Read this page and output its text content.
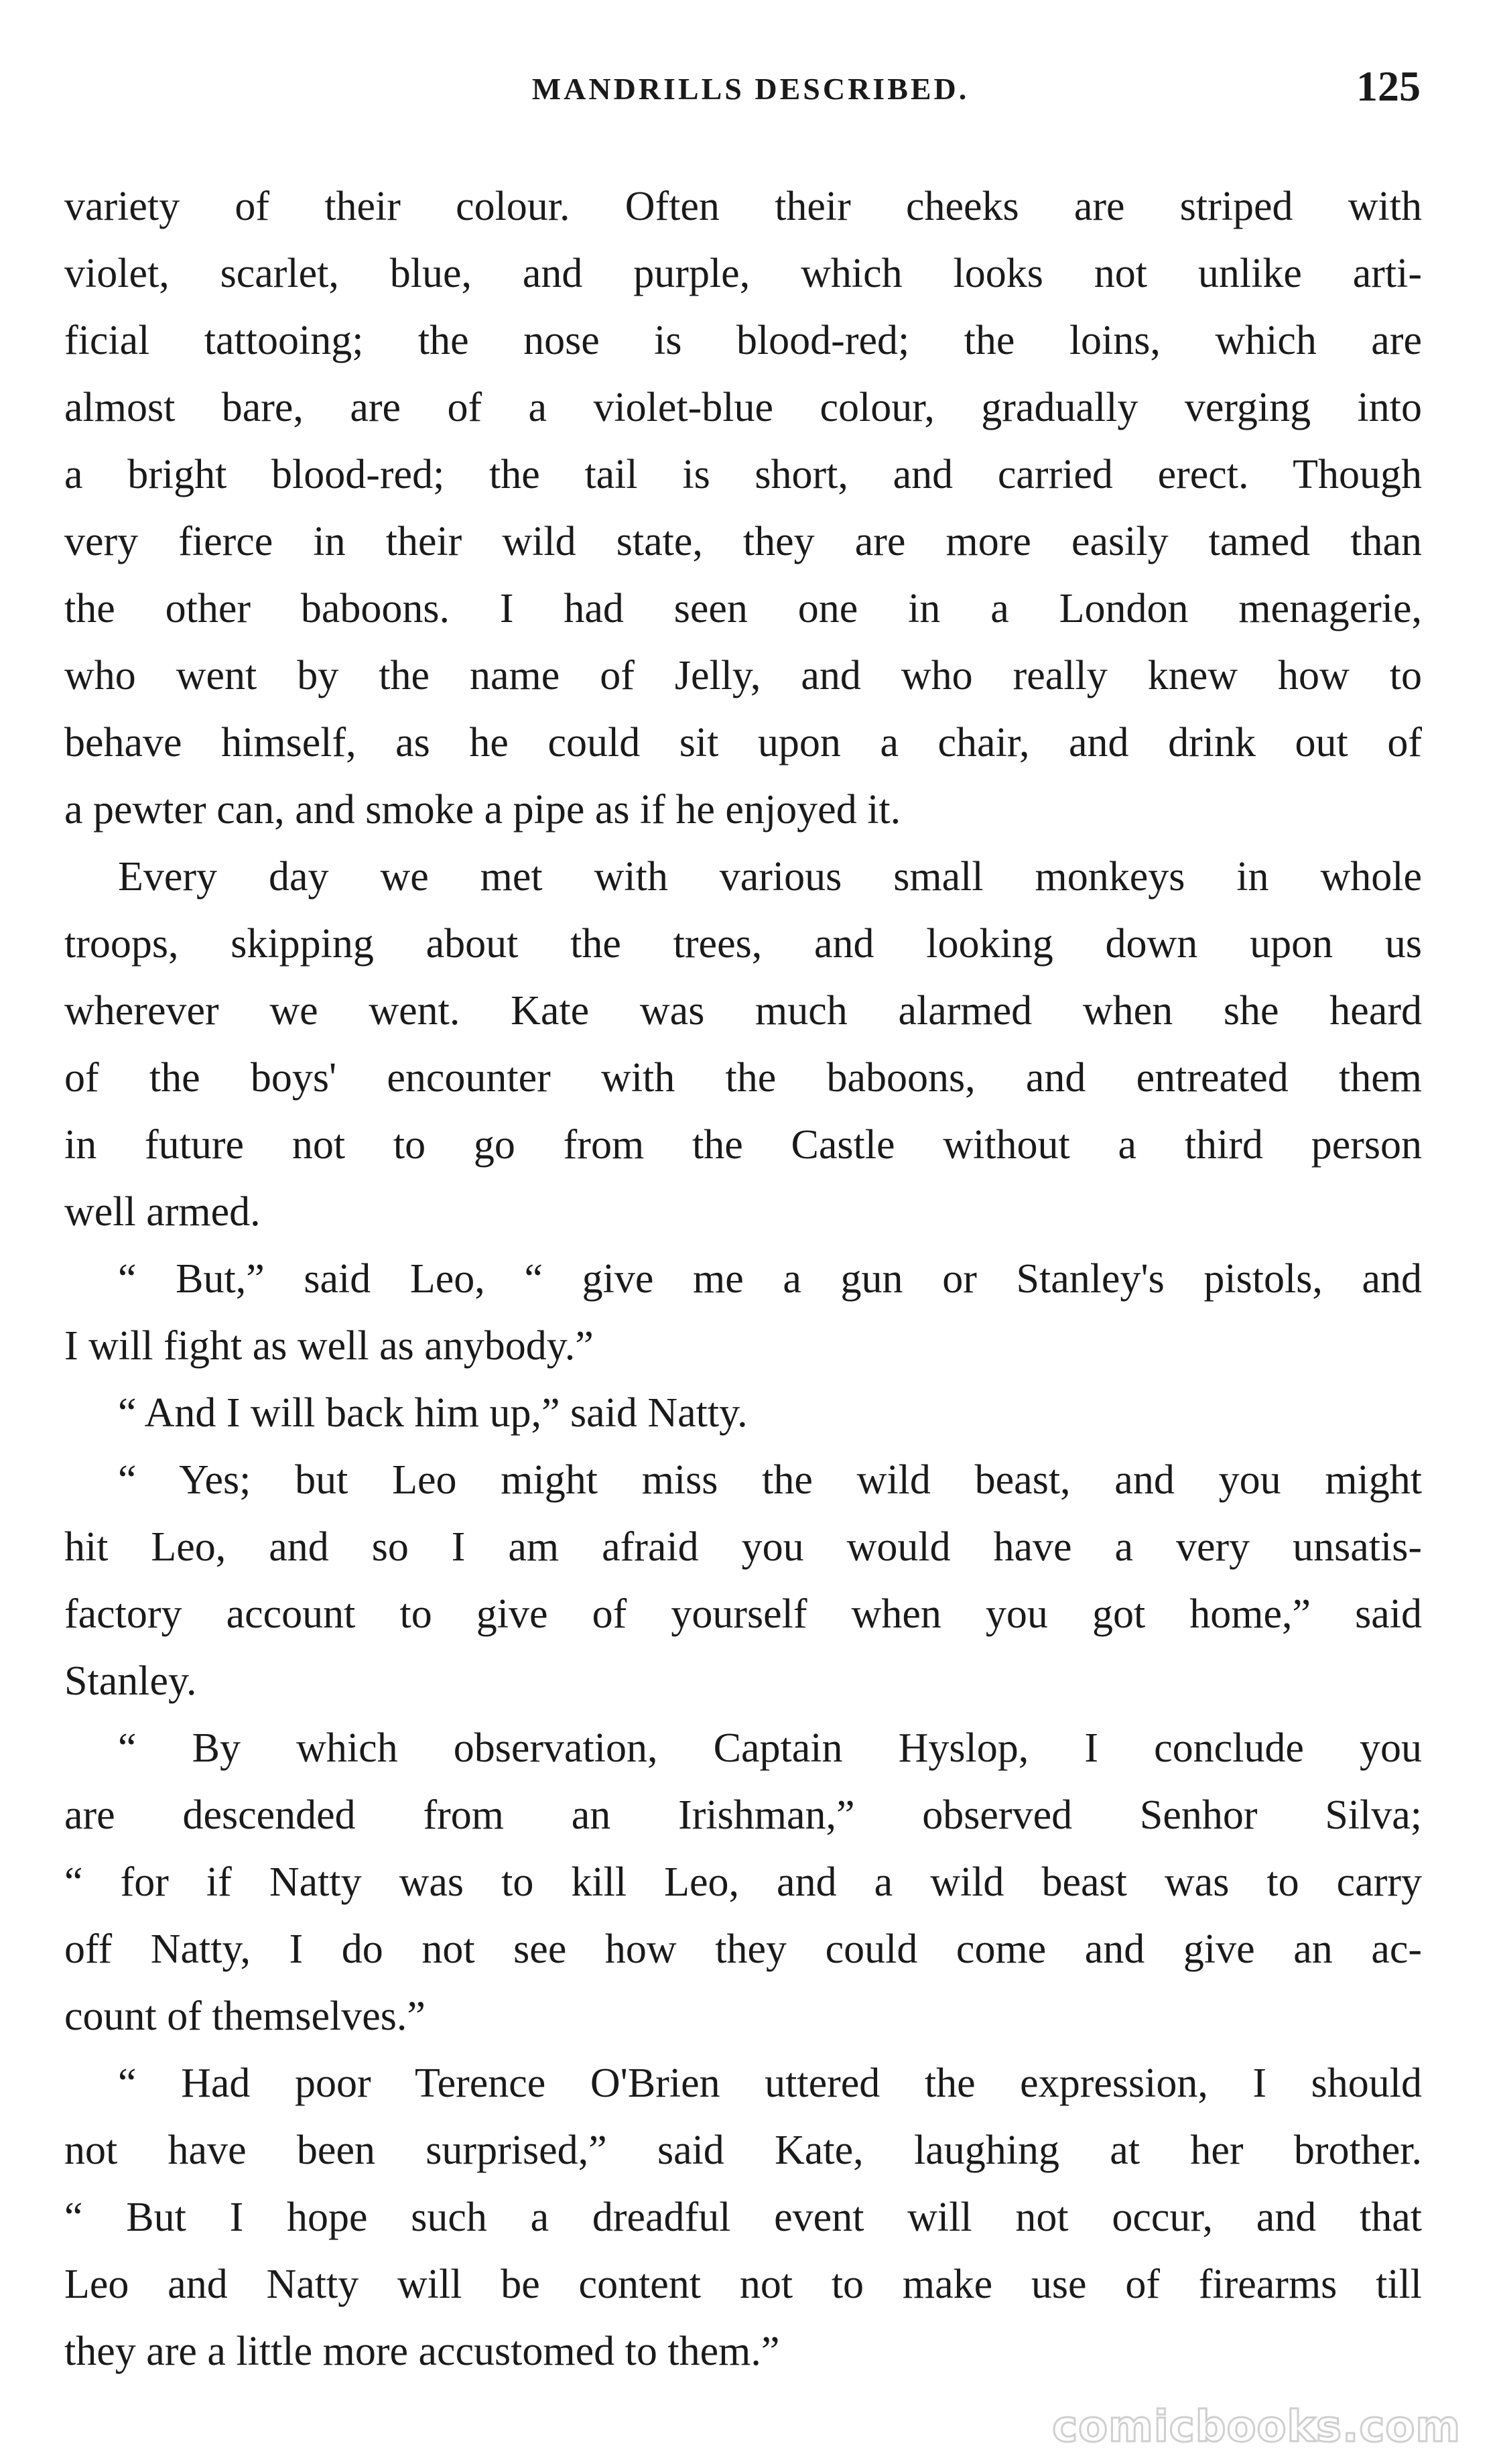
MANDRILLS DESCRIBED.	125
variety of their colour. Often their cheeks are striped with
violet, scarlet, blue, and purple, which looks not unlike arti-
ficial tattooing; the nose is blood-red; the loins, which are
almost bare, are of a violet-blue colour, gradually verging into
a bright blood-red; the tail is short, and carried erect. Though
very fierce in their wild state, they are more easily tamed than
the other baboons. I had seen one in a London menagerie,
who went by the name of Jelly, and who really knew how to
behave himself, as he could sit upon a chair, and drink out of
a pewter can, and smoke a pipe as if he enjoyed it.
Every day we met with various small monkeys in whole
troops, skipping about the trees, and looking down upon us
wherever we went. Kate was much alarmed when she heard
of the boys' encounter with the baboons, and entreated them
in future not to go from the Castle without a third person
well armed.
“ But,” said Leo, “ give me a gun or Stanley's pistols, and
I will fight as well as anybody.”
“ And I will back him up,” said Natty.
“ Yes; but Leo might miss the wild beast, and you might
hit Leo, and so I am afraid you would have a very unsatis-
factory account to give of yourself when you got home,” said
Stanley.
“ By which observation, Captain Hyslop, I conclude you
are descended from an Irishman,” observed Senhor Silva;
“ for if Natty was to kill Leo, and a wild beast was to carry
off Natty, I do not see how they could come and give an ac-
count of themselves.”
“ Had poor Terence O'Brien uttered the expression, I should
not have been surprised,” said Kate, laughing at her brother.
“ But I hope such a dreadful event will not occur, and that
Leo and Natty will be content not to make use of firearms till
they are a little more accustomed to them.”
comicbooks.com
